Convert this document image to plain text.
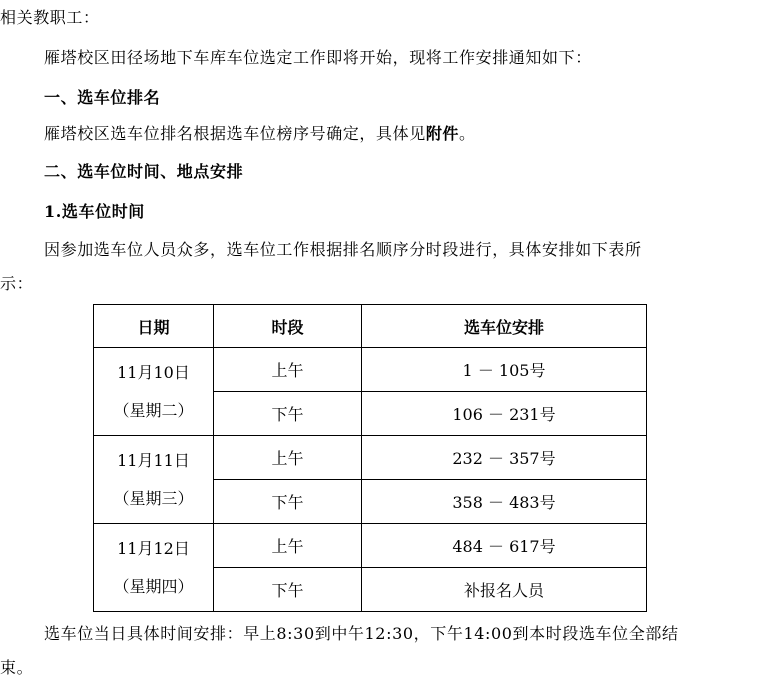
相关教职工：
雁塔校区田径场地下车库车位选定工作即将开始，现将工作安排通知如下：
一、选车位排名
雁塔校区选车位排名根据选车位榜序号确定，具体见附件。
二、选车位时间、地点安排
1.选车位时间
因参加选车位人员众多，选车位工作根据排名顺序分时段进行，具体安排如下表所
示：
日期	时段	选车位安排

11月10日
（星期二）	上午	1 － 105号
	下午	106 － 231号

11月11日
（星期三）	上午	232 － 357号
	下午	358 － 483号

11月12日
（星期四）	上午	484 － 617号
	下午	补报名人员
选车位当日具体时间安排：早上8:30到中午12:30，下午14:00到本时段选车位全部结
束。
